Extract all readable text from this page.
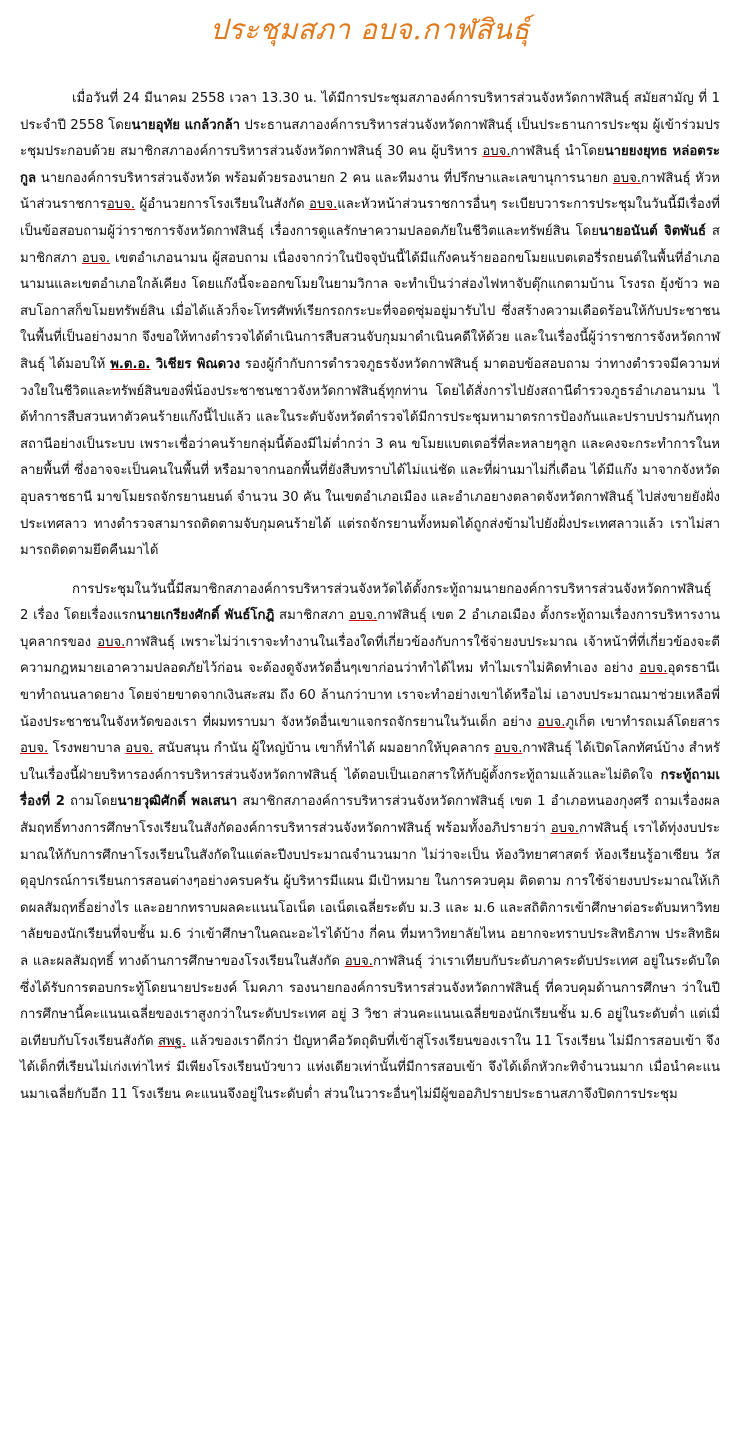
ประชุมสภา อบจ.กาฬสินธุ์

เมื่อวันที่ 24 มีนาคม 2558 เวลา 13.30 น. ได้มีการประชุมสภาองค์การบริหารส่วนจังหวัดกาฬสินธุ์ สมัยสามัญ ที่ 1 ประจำปี 2558 โดยนายอุทัย แกล้วกล้า ประธานสภาองค์การบริหารส่วนจังหวัดกาฬสินธุ์ เป็นประธานการประชุม ผู้เข้าร่วมประชุมประกอบด้วย สมาชิกสภาองค์การบริหารส่วนจังหวัดกาฬสินธุ์ 30 คน ผู้บริหาร อบจ.กาฬสินธุ์ นำโดยนายยงยุทธ หล่อตระกูล นายกองค์การบริหารส่วนจังหวัด พร้อมด้วยรองนายก 2 คน และทีมงาน ที่ปรึกษาและเลขานุการนายก อบจ.กาฬสินธุ์ หัวหน้าส่วนราชการอบจ. ผู้อำนวยการโรงเรียนในสังกัด อบจ.และหัวหน้าส่วนราชการอื่นๆ ระเบียบวาระการประชุมในวันนี้มีเรื่องที่เป็นข้อสอบถามผู้ว่าราชการจังหวัดกาฬสินธุ์ เรื่องการดูแลรักษาความปลอดภัยในชีวิตและทรัพย์สิน โดยนายอนันต์ จิตพันธ์ สมาชิกสภา อบจ. เขตอำเภอนามน ผู้สอบถาม เนื่องจากว่าในปัจจุบันนี้ได้มีแก๊งคนร้ายออกขโมยแบตเตอรี่รถยนต์ในพื้นที่อำเภอนามนและเขตอำเภอใกล้เคียง โดยแก๊งนี้จะออกขโมยในยามวิกาล จะทำเป็นว่าส่องไฟหาจับตุ๊กแกตามบ้าน โรงรถ ยุ้งข้าว พอสบโอกาสก็ขโมยทรัพย์สิน เมื่อได้แล้วก็จะโทรศัพท์เรียกรถกระบะที่จอดซุ่มอยู่มารับไป ซึ่งสร้างความเดือดร้อนให้กับประชาชนในพื้นที่เป็นอย่างมาก จึงขอให้ทางตำรวจได้ดำเนินการสืบสวนจับกุมมาดำเนินคดีให้ด้วย และในเรื่องนี้ผู้ว่าราชการจังหวัดกาฬสินธุ์ ได้มอบให้ พ.ต.อ. วิเชียร พิณดวง รองผู้กำกับการตำรวจภูธรจังหวัดกาฬสินธุ์ มาตอบข้อสอบถาม ว่าทางตำรวจมีความห่วงใยในชีวิตและทรัพย์สินของพี่น้องประชาชนชาวจังหวัดกาฬสินธุ์ทุกท่าน โดยได้สั่งการไปยังสถานีตำรวจภูธรอำเภอนามน ได้ทำการสืบสวนหาตัวคนร้ายแก๊งนี้ไปแล้ว และในระดับจังหวัดตำรวจได้มีการประชุมหามาตรการป้องกันและปราบปรามกันทุกสถานีอย่างเป็นระบบ เพราะเชื่อว่าคนร้ายกลุ่มนี้ต้องมีไม่ต่ำกว่า 3 คน ขโมยแบตเตอรี่ที่ละหลายๆลูก และคงจะกระทำการในหลายพื้นที่ ซึ่งอาจจะเป็นคนในพื้นที่ หรือมาจากนอกพื้นที่ยังสืบทราบได้ไม่แน่ชัด และที่ผ่านมาไม่กี่เดือน ได้มีแก๊ง มาจากจังหวัดอุบลราชธานี มาขโมยรถจักรยานยนต์ จำนวน 30 คัน ในเขตอำเภอเมือง และอำเภอยางตลาดจังหวัดกาฬสินธุ์ ไปส่งขายยังฝั่งประเทศลาว ทางตำรวจสามารถติดตามจับกุมคนร้ายได้ แต่รถจักรยานทั้งหมดได้ถูกส่งข้ามไปยังฝั่งประเทศลาวแล้ว เราไม่สามารถติดตามยึดคืนมาได้

การประชุมในวันนี้มีสมาชิกสภาองค์การบริหารส่วนจังหวัดได้ตั้งกระทู้ถามนายกองค์การบริหารส่วนจังหวัดกาฬสินธุ์ 2 เรื่อง โดยเรื่องแรกนายเกรียงศักดิ์ พันธ์โกฎิ สมาชิกสภา อบจ.กาฬสินธุ์ เขต 2 อำเภอเมือง ตั้งกระทู้ถามเรื่องการบริหารงานบุคลากรของ อบจ.กาฬสินธุ์ เพราะไม่ว่าเราจะทำงานในเรื่องใดที่เกี่ยวข้องกับการใช้จ่ายงบประมาณ เจ้าหน้าที่ที่เกี่ยวข้องจะตีความกฎหมายเอาความปลอดภัยไว้ก่อน จะต้องดูจังหวัดอื่นๆเขาก่อนว่าทำได้ไหม ทำไมเราไม่คิดทำเอง อย่าง อบจ.อุดรธานีเขาทำถนนลาดยาง โดยจ่ายขาดจากเงินสะสม ถึง 60 ล้านกว่าบาท เราจะทำอย่างเขาได้หรือไม่ เอางบประมาณมาช่วยเหลือพี่น้องประชาชนในจังหวัดของเรา ที่ผมทราบมา จังหวัดอื่นเขาแจกรถจักรยานในวันเด็ก อย่าง อบจ.ภูเก็ต เขาทำรถเมล์โดยสาร อบจ. โรงพยาบาล อบจ. สนับสนุน กำนัน ผู้ใหญ่บ้าน เขาก็ทำได้ ผมอยากให้บุคลากร อบจ.กาฬสินธุ์ ได้เปิดโลกทัศน์บ้าง สำหรับในเรื่องนี้ฝ่ายบริหารองค์การบริหารส่วนจังหวัดกาฬสินธุ์ ได้ตอบเป็นเอกสารให้กับผู้ตั้งกระทู้ถามแล้วและไม่ติดใจ กระทู้ถามเรื่องที่ 2 ถามโดยนายวุฒิศักดิ์ พลเสนา สมาชิกสภาองค์การบริหารส่วนจังหวัดกาฬสินธุ์ เขต 1 อำเภอหนองกุงศรี ถามเรื่องผลสัมฤทธิ์ทางการศึกษาโรงเรียนในสังกัดองค์การบริหารส่วนจังหวัดกาฬสินธุ์ พร้อมทั้งอภิปรายว่า อบจ.กาฬสินธุ์ เราได้ทุ่งงบประมาณให้กับการศึกษาโรงเรียนในสังกัดในแต่ละปีงบประมาณจำนวนมาก ไม่ว่าจะเป็น ห้องวิทยาศาสตร์ ห้องเรียนรู้อาเซียน วัสดุอุปกรณ์การเรียนการสอนต่างๆอย่างครบครัน ผู้บริหารมีแผน มีเป้าหมาย ในการควบคุม ติดตาม การใช้จ่ายงบประมาณให้เกิดผลสัมฤทธิ์อย่างไร และอยากทราบผลคะแนนโอเน็ต เอเน็ตเฉลี่ยระดับ ม.3 และ ม.6 และสถิติการเข้าศึกษาต่อระดับมหาวิทยาลัยของนักเรียนที่จบชั้น ม.6 ว่าเข้าศึกษาในคณะอะไรได้บ้าง กี่คน ที่มหาวิทยาลัยไหน อยากจะทราบประสิทธิภาพ ประสิทธิผล และผลสัมฤทธิ์ ทางด้านการศึกษาของโรงเรียนในสังกัด อบจ.กาฬสินธุ์ ว่าเราเทียบกับระดับภาคระดับประเทศ อยู่ในระดับใด ซึ่งได้รับการตอบกระทู้โดยนายประยงค์ โมคภา รองนายกองค์การบริหารส่วนจังหวัดกาฬสินธุ์ ที่ควบคุมด้านการศึกษา ว่าในปีการศึกษานี้คะแนนเฉลี่ยของเราสูงกว่าในระดับประเทศ อยู่ 3 วิชา ส่วนคะแนนเฉลี่ยของนักเรียนชั้น ม.6 อยู่ในระดับต่ำ แต่เมื่อเทียบกับโรงเรียนสังกัด สพฐ. แล้วของเราดีกว่า ปัญหาคือวัตถุดิบที่เข้าสู่โรงเรียนของเราใน 11 โรงเรียน ไม่มีการสอบเข้า จึงได้เด็กที่เรียนไม่เก่งเท่าไหร่ มีเพียงโรงเรียนบัวขาว แห่งเดียวเท่านั้นที่มีการสอบเข้า จึงได้เด็กหัวกะทิจำนวนมาก เมื่อนำคะแนนมาเฉลี่ยกับอีก 11 โรงเรียน คะแนนจึงอยู่ในระดับต่ำ ส่วนในวาระอื่นๆไม่มีผู้ขออภิปรายประธานสภาจึงปิดการประชุม
